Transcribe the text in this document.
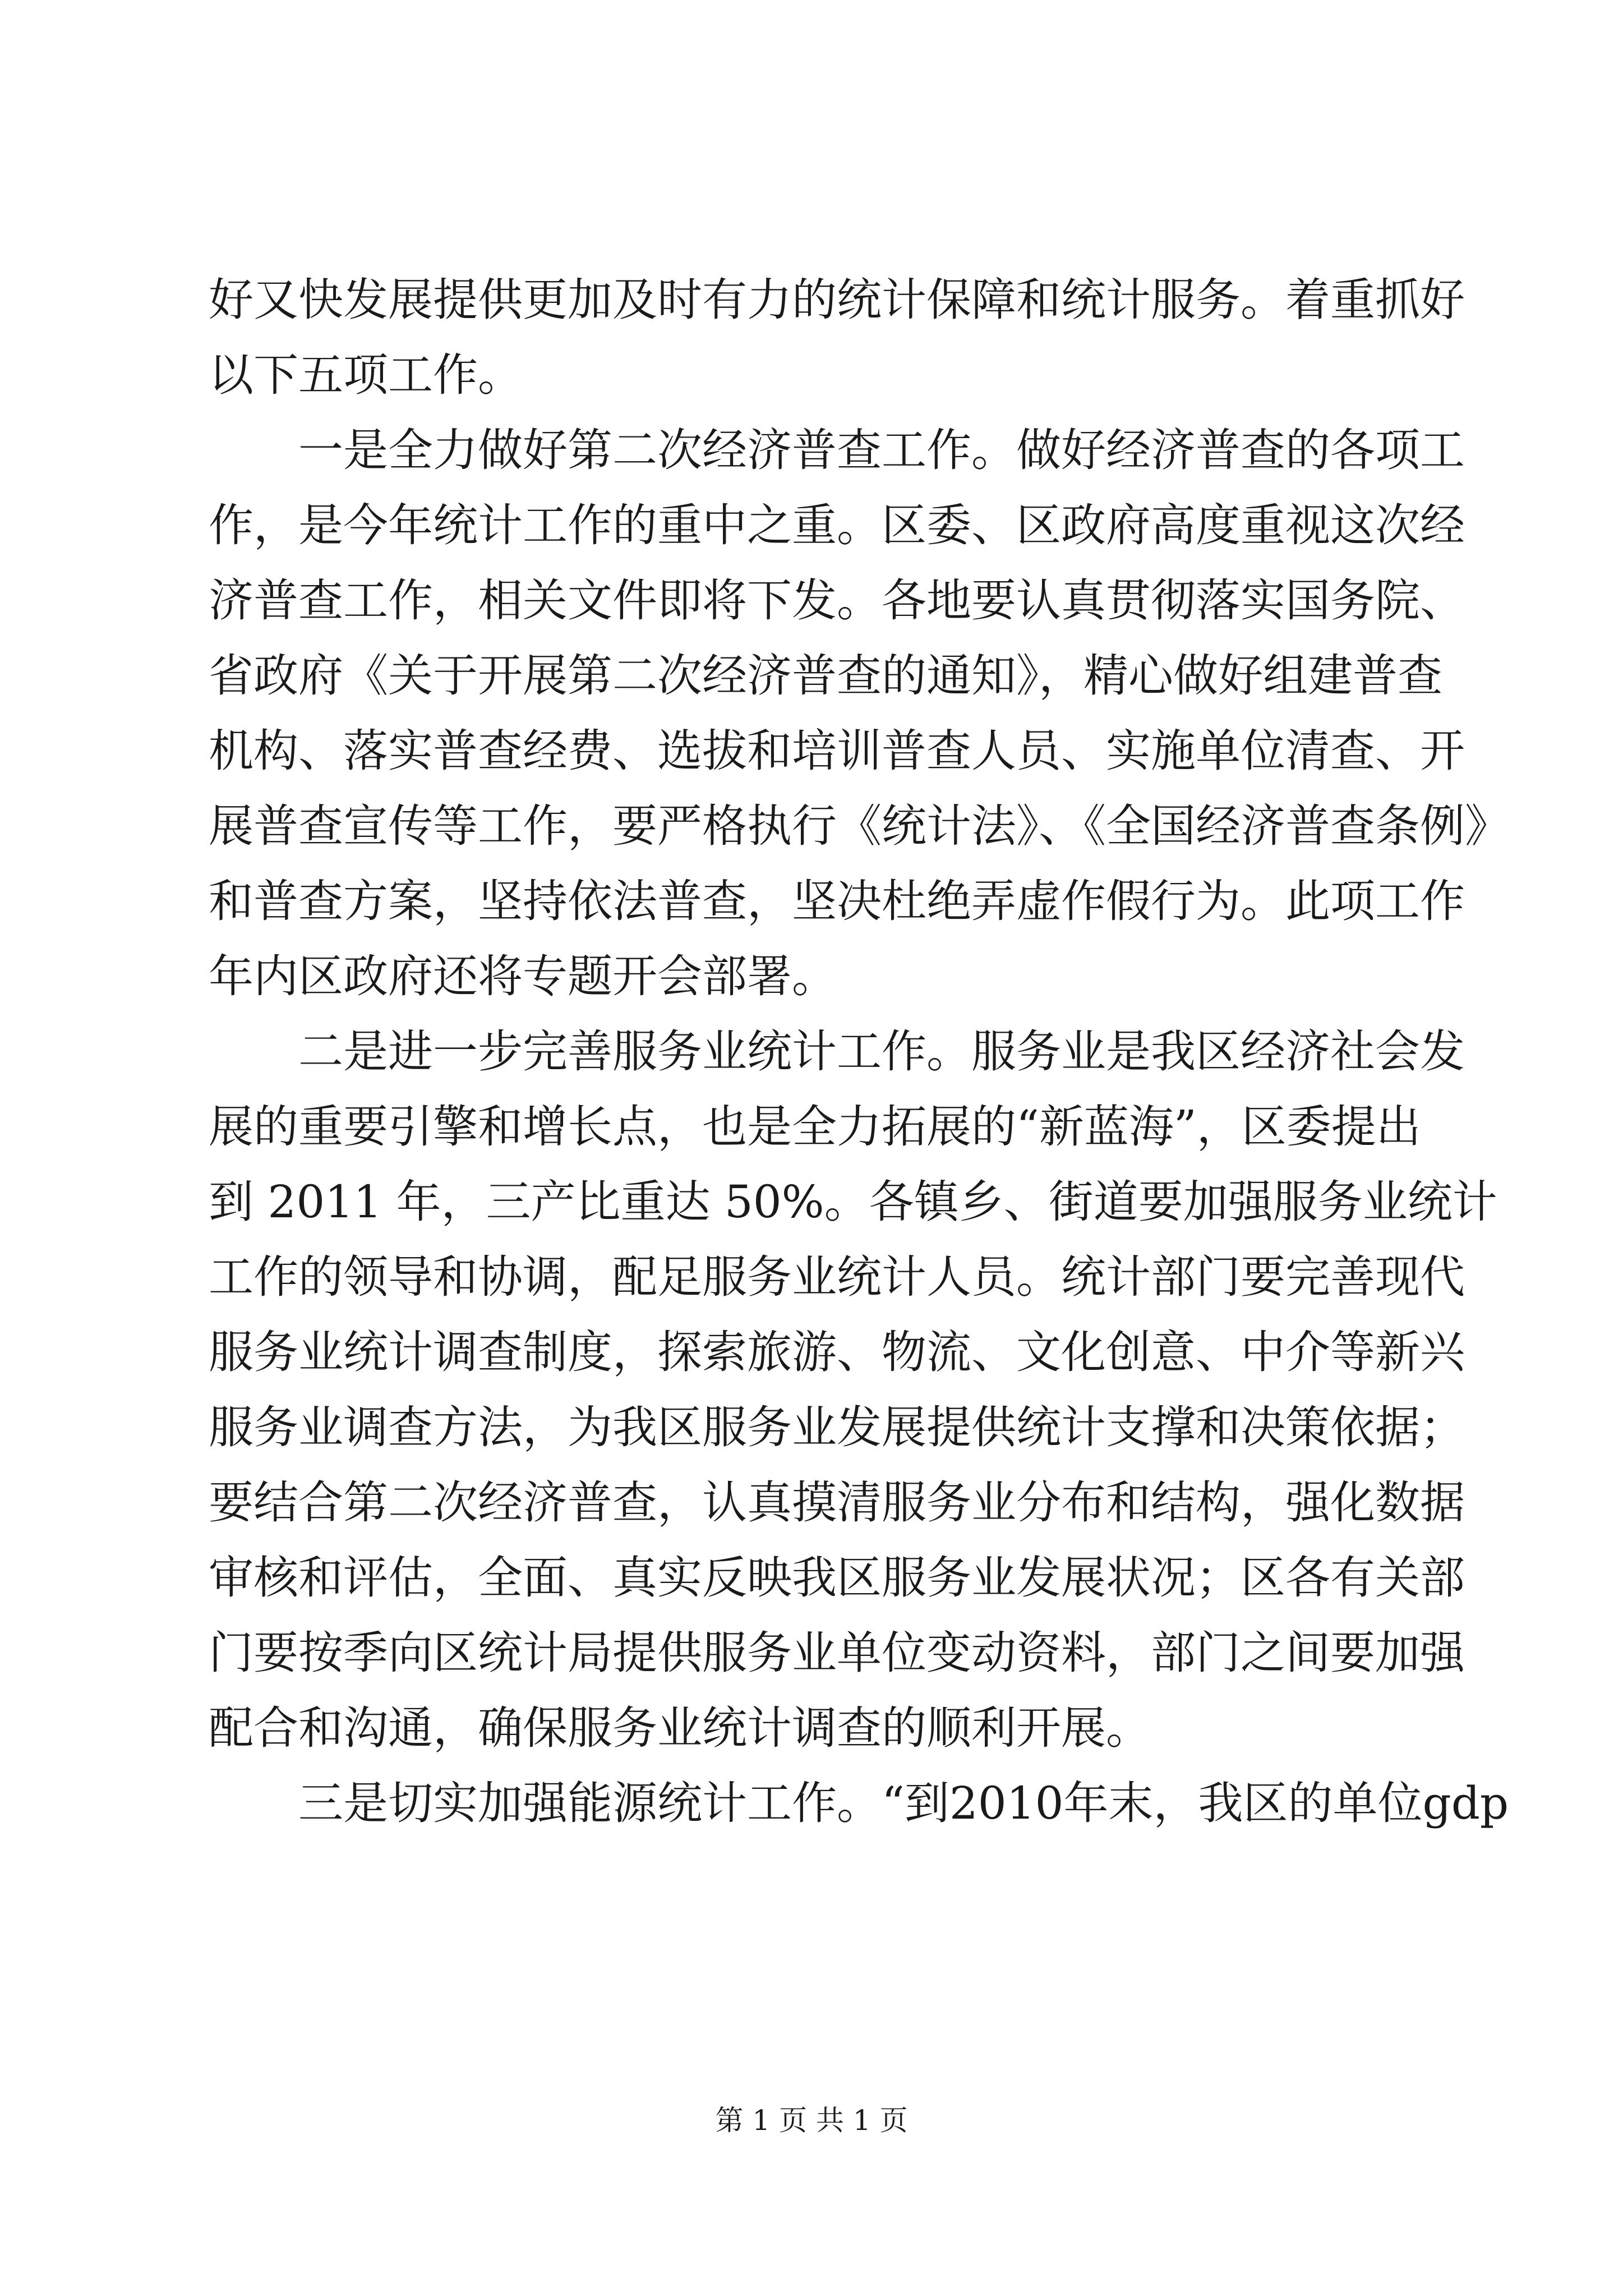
好又快发展提供更加及时有力的统计保障和统计服务。着重抓好
以下五项工作。
　　一是全力做好第二次经济普查工作。做好经济普查的各项工
作，是今年统计工作的重中之重。区委、区政府高度重视这次经
济普查工作，相关文件即将下发。各地要认真贯彻落实国务院、
省政府《关于开展第二次经济普查的通知》，精心做好组建普查
机构、落实普查经费、选拔和培训普查人员、实施单位清查、开
展普查宣传等工作，要严格执行《统计法》、《全国经济普查条例》
和普查方案，坚持依法普查，坚决杜绝弄虚作假行为。此项工作
年内区政府还将专题开会部署。
　　二是进一步完善服务业统计工作。服务业是我区经济社会发
展的重要引擎和增长点，也是全力拓展的“新蓝海”，区委提出
到 2011 年，三产比重达 50%。各镇乡、街道要加强服务业统计
工作的领导和协调，配足服务业统计人员。统计部门要完善现代
服务业统计调查制度，探索旅游、物流、文化创意、中介等新兴
服务业调查方法，为我区服务业发展提供统计支撑和决策依据；
要结合第二次经济普查，认真摸清服务业分布和结构，强化数据
审核和评估，全面、真实反映我区服务业发展状况；区各有关部
门要按季向区统计局提供服务业单位变动资料，部门之间要加强
配合和沟通，确保服务业统计调查的顺利开展。
　　三是切实加强能源统计工作。“到2010年末，我区的单位gdp
第 1 页 共 1 页
